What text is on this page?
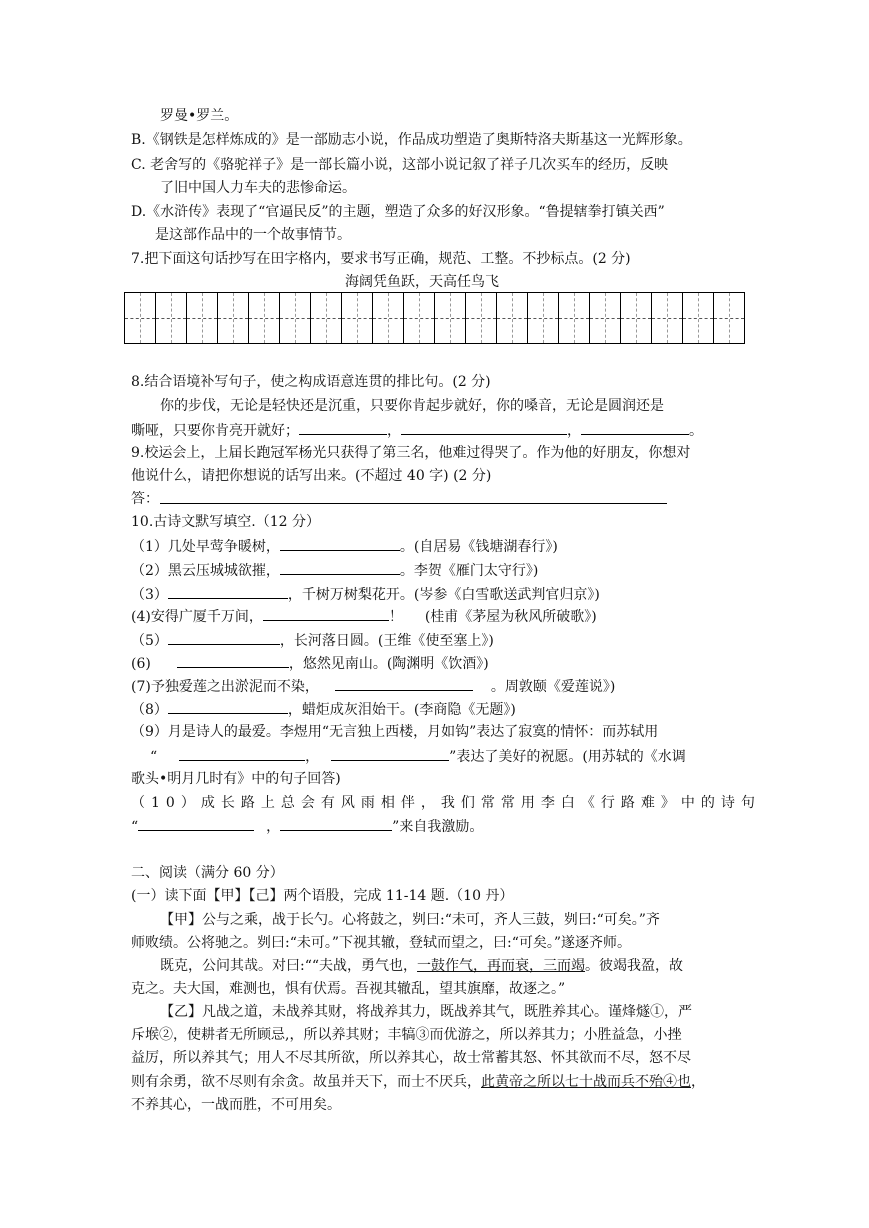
罗曼•罗兰。
B.《钢铁是怎样炼成的》是一部励志小说，作品成功塑造了奥斯特洛夫斯基这一光辉形象。
C. 老舍写的《骆驼祥子》是一部长篇小说，这部小说记叙了祥子几次买车的经历，反映
了旧中国人力车夫的悲惨命运。
D.《水浒传》表现了“官逼民反”的主题，塑造了众多的好汉形象。“鲁提辖拳打镇关西”
是这部作品中的一个故事情节。
7.把下面这句话抄写在田字格内，要求书写正确，规范、工整。不抄标点。(2 分)
海阔凭鱼跃，天高任鸟飞
8.结合语境补写句子，使之构成语意连贯的排比句。(2 分)
你的步伐，无论是轻快还是沉重，只要你肯起步就好，你的嗓音，无论是圆润还是
嘶哑，只要你肯亮开就好；	，	，	。
9.校运会上，上届长跑冠军杨光只获得了第三名，他难过得哭了。作为他的好朋友，你想对
他说什么，请把你想说的话写出来。(不超过 40 字) (2 分)
答：
10.古诗文默写填空.（12 分）
（1）几处早莺争暖树，	。(自居易《钱塘湖春行》)
（2）黑云压城城欲摧，	。李贺《雁门太守行》)
（3）	，千树万树梨花开。(岑参《白雪歌送武判官归京》)
(4)安得广厦千万间，	！ (桂甫《茅屋为秋风所破歌》)
（5）	，长河落日圆。(王维《使至塞上》)
(6)	，悠然见南山。(陶渊明《饮酒》)
(7)予独爱莲之出淤泥而不染，	。周敦颐《爱莲说》)
（8）	，蜡炬成灰泪始干。(李商隐《无题》)
（9）月是诗人的最爱。李煜用“无言独上西楼，月如钩”表达了寂寞的情怀：而苏轼用
“	，	”表达了美好的祝愿。(用苏轼的《水调
歌头•明月几时有》中的句子回答)
（10）成长路上总会有风雨相伴，我们常常用李白《行路难》中的诗句
“	，	”来自我激励。
二、阅读（满分 60 分）
(一）读下面【甲】【己】两个语股，完成 11-14 题.（10 丹）
【甲】公与之乘，战于长勺。心将鼓之，刿曰:“未可，齐人三鼓，刿曰:“可矣。”齐
师败绩。公将驰之。刿曰:“未可。”下视其辙，登轼而望之，曰:“可矣。”遂逐齐师。
既克，公问其哉。对曰:““夫战，勇气也，一鼓作气，再而衰，三而竭。彼竭我盈，故
克之。夫大国，难测也，惧有伏焉。吾视其辙乱，望其旗靡，故逐之。”
【乙】凡战之道，未战养其财，将战养其力，既战养其气，既胜养其心。谨烽燧①，严
斥堠②，使耕者无所顾忌,，所以养其财；丰犒③而优游之，所以养其力；小胜益急，小挫
益厉，所以养其气；用人不尽其所欲，所以养其心，故士常蓄其怒、怀其欲而不尽，怒不尽
则有余勇，欲不尽则有余贪。故虽并天下，而士不厌兵，此黄帝之所以七十战而兵不殆④也，
不养其心，一战而胜，不可用矣。
